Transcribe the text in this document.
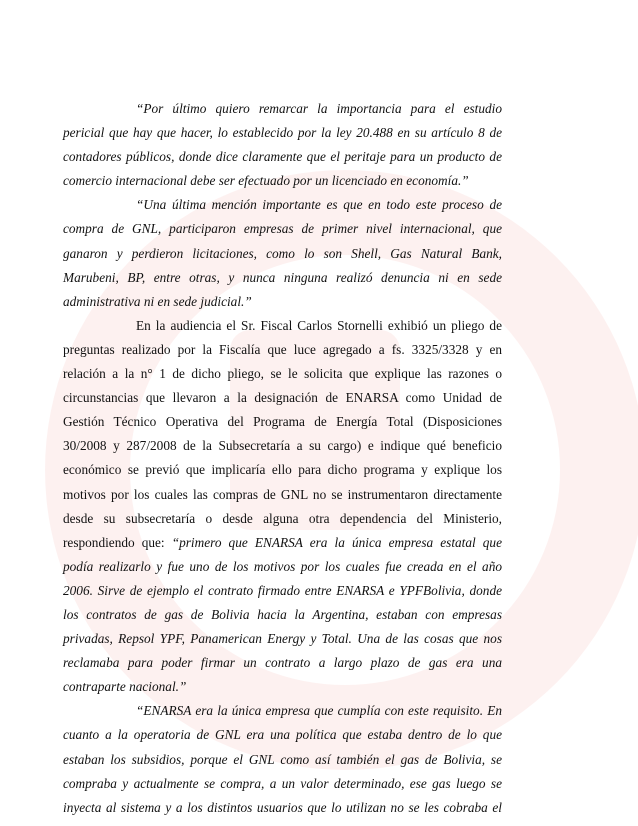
“Por último quiero remarcar la importancia para el estudio
pericial que hay que hacer, lo establecido por la ley 20.488 en su artículo 8 de
contadores públicos, donde dice claramente que el peritaje para un producto de
comercio internacional debe ser efectuado por un licenciado en economía.”
“Una última mención importante es que en todo este proceso de
compra de GNL, participaron empresas de primer nivel internacional, que
ganaron y perdieron licitaciones, como lo son Shell, Gas Natural Bank,
Marubeni, BP, entre otras, y nunca ninguna realizó denuncia ni en sede
administrativa ni en sede judicial.”
En la audiencia el Sr. Fiscal Carlos Stornelli exhibió un pliego de
preguntas realizado por la Fiscalía que luce agregado a fs. 3325/3328 y en
relación a la n° 1 de dicho pliego, se le solicita que explique las razones o
circunstancias que llevaron a la designación de ENARSA como Unidad de
Gestión Técnico Operativa del Programa de Energía Total (Disposiciones
30/2008 y 287/2008 de la Subsecretaría a su cargo) e indique qué beneficio
económico se previó que implicaría ello para dicho programa y explique los
motivos por los cuales las compras de GNL no se instrumentaron directamente
desde su subsecretaría o desde alguna otra dependencia del Ministerio,
respondiendo que: “primero que ENARSA era la única empresa estatal que
podía realizarlo y fue uno de los motivos por los cuales fue creada en el año
2006. Sirve de ejemplo el contrato firmado entre ENARSA e YPFBolivia, donde
los contratos de gas de Bolivia hacia la Argentina, estaban con empresas
privadas, Repsol YPF, Panamerican Energy y Total. Una de las cosas que nos
reclamaba para poder firmar un contrato a largo plazo de gas era una
contraparte nacional.”
“ENARSA era la única empresa que cumplía con este requisito. En
cuanto a la operatoria de GNL era una política que estaba dentro de lo que
estaban los subsidios, porque el GNL como así también el gas de Bolivia, se
compraba y actualmente se compra, a un valor determinado, ese gas luego se
inyecta al sistema y a los distintos usuarios que lo utilizan no se les cobraba el
